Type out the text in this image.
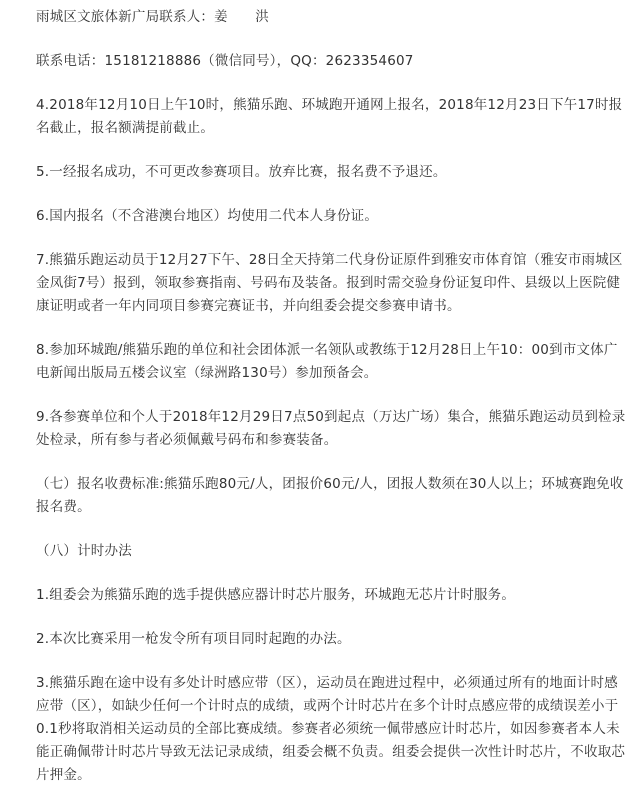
雨城区文旅体新广局联系人：姜　　洪

联系电话：15181218886（微信同号），QQ：2623354607

4.2018年12月10日上午10时，熊猫乐跑、环城跑开通网上报名，2018年12月23日下午17时报名截止，报名额满提前截止。

5.一经报名成功，不可更改参赛项目。放弃比赛，报名费不予退还。

6.国内报名（不含港澳台地区）均使用二代本人身份证。

7.熊猫乐跑运动员于12月27下午、28日全天持第二代身份证原件到雅安市体育馆（雅安市雨城区金凤街7号）报到，领取参赛指南、号码布及装备。报到时需交验身份证复印件、县级以上医院健康证明或者一年内同项目参赛完赛证书，并向组委会提交参赛申请书。

8.参加环城跑/熊猫乐跑的单位和社会团体派一名领队或教练于12月28日上午10：00到市文体广电新闻出版局五楼会议室（绿洲路130号）参加预备会。

9.各参赛单位和个人于2018年12月29日7点50到起点（万达广场）集合，熊猫乐跑运动员到检录处检录，所有参与者必须佩戴号码布和参赛装备。

（七）报名收费标准:熊猫乐跑80元/人，团报价60元/人，团报人数须在30人以上；环城赛跑免收报名费。

（八）计时办法

1.组委会为熊猫乐跑的选手提供感应器计时芯片服务，环城跑无芯片计时服务。

2.本次比赛采用一枪发令所有项目同时起跑的办法。

3.熊猫乐跑在途中设有多处计时感应带（区），运动员在跑进过程中，必须通过所有的地面计时感应带（区），如缺少任何一个计时点的成绩，或两个计时芯片在多个计时点感应带的成绩误差小于0.1秒将取消相关运动员的全部比赛成绩。参赛者必须统一佩带感应计时芯片，如因参赛者本人未能正确佩带计时芯片导致无法记录成绩，组委会概不负责。组委会提供一次性计时芯片，不收取芯片押金。
